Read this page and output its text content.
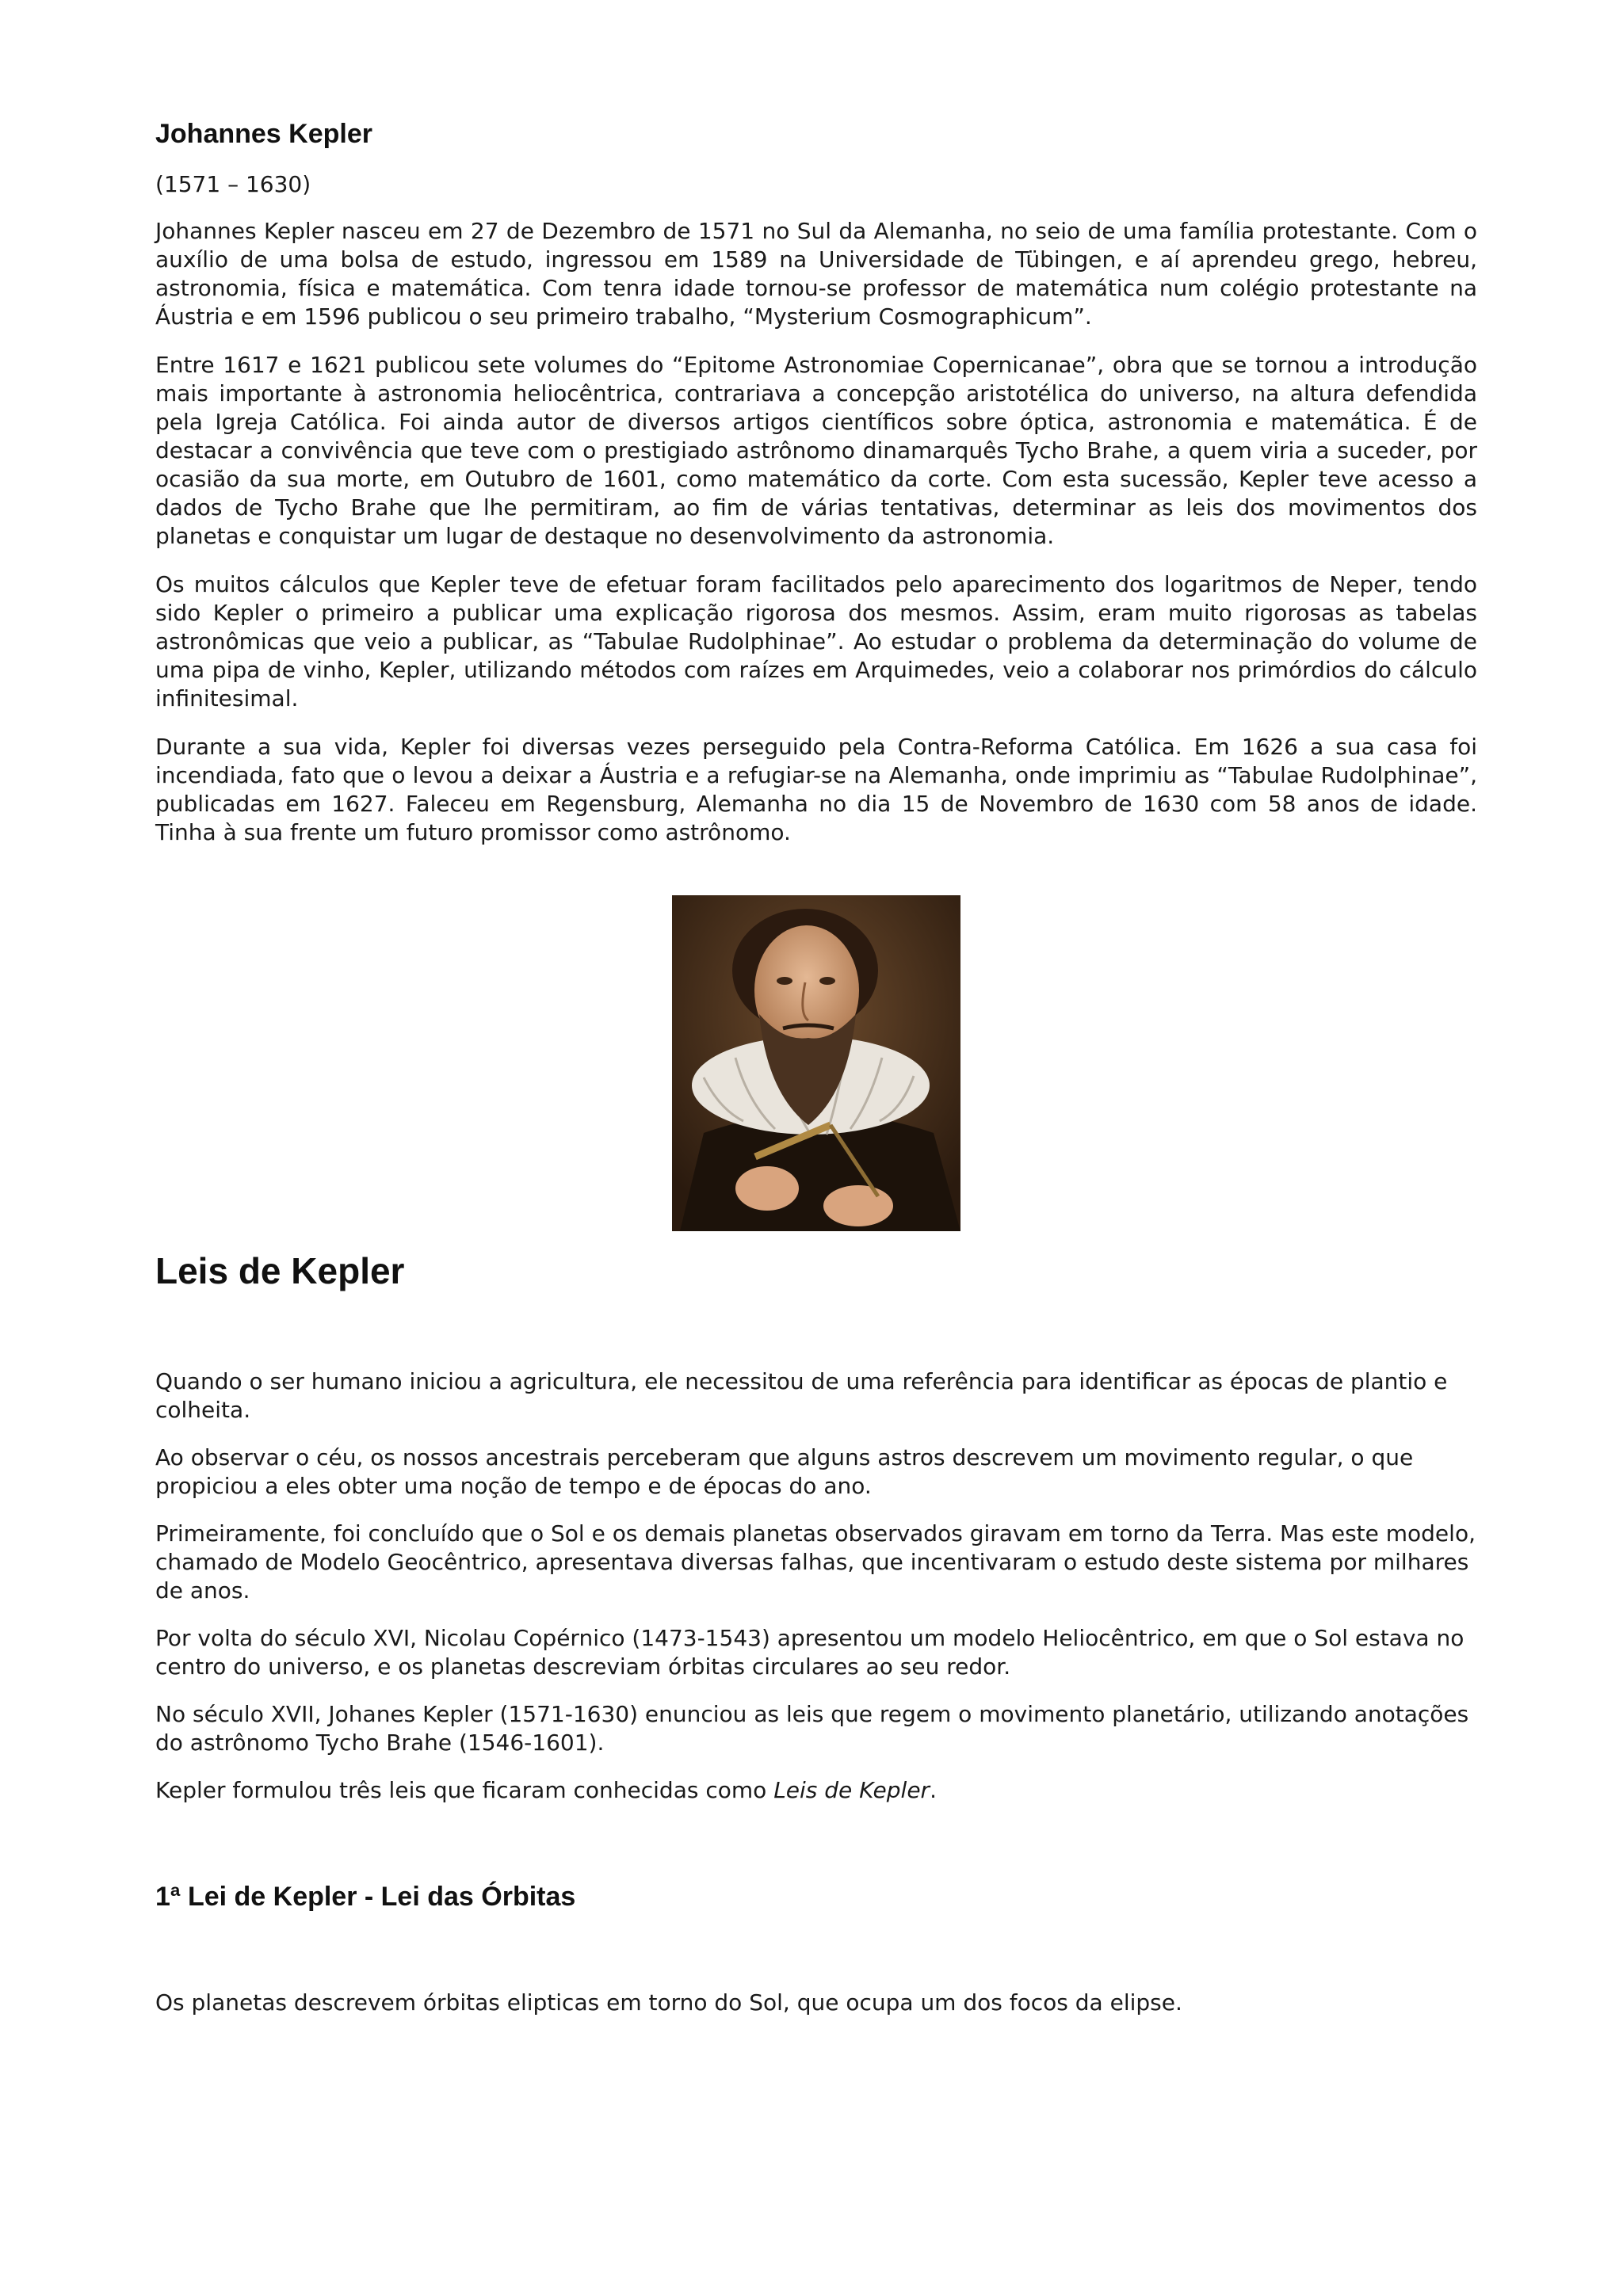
Johannes Kepler

(1571 – 1630)

Johannes Kepler nasceu em 27 de Dezembro de 1571 no Sul da Alemanha, no seio de uma família protestante. Com o auxílio de uma bolsa de estudo, ingressou em 1589 na Universidade de Tübingen, e aí aprendeu grego, hebreu, astronomia, física e matemática. Com tenra idade tornou-se professor de matemática num colégio protestante na Áustria e em 1596 publicou o seu primeiro trabalho, “Mysterium Cosmographicum”.

Entre 1617 e 1621 publicou sete volumes do “Epitome Astronomiae Copernicanae”, obra que se tornou a introdução mais importante à astronomia heliocêntrica, contrariava a concepção aristotélica do universo, na altura defendida pela Igreja Católica. Foi ainda autor de diversos artigos científicos sobre óptica, astronomia e matemática. É de destacar a convivência que teve com o prestigiado astrônomo dinamarquês Tycho Brahe, a quem viria a suceder, por ocasião da sua morte, em Outubro de 1601, como matemático da corte. Com esta sucessão, Kepler teve acesso a dados de Tycho Brahe que lhe permitiram, ao fim de várias tentativas, determinar as leis dos movimentos dos planetas e conquistar um lugar de destaque no desenvolvimento da astronomia.

Os muitos cálculos que Kepler teve de efetuar foram facilitados pelo aparecimento dos logaritmos de Neper, tendo sido Kepler o primeiro a publicar uma explicação rigorosa dos mesmos. Assim, eram muito rigorosas as tabelas astronômicas que veio a publicar, as “Tabulae Rudolphinae”. Ao estudar o problema da determinação do volume de uma pipa de vinho, Kepler, utilizando métodos com raízes em Arquimedes, veio a colaborar nos primórdios do cálculo infinitesimal.

Durante a sua vida, Kepler foi diversas vezes perseguido pela Contra-Reforma Católica. Em 1626 a sua casa foi incendiada, fato que o levou a deixar a Áustria e a refugiar-se na Alemanha, onde imprimiu as “Tabulae Rudolphinae”, publicadas em 1627. Faleceu em Regensburg, Alemanha no dia 15 de Novembro de 1630 com 58 anos de idade. Tinha à sua frente um futuro promissor como astrônomo.

Leis de Kepler

Quando o ser humano iniciou a agricultura, ele necessitou de uma referência para identificar as épocas de plantio e colheita.

Ao observar o céu, os nossos ancestrais perceberam que alguns astros descrevem um movimento regular, o que propiciou a eles obter uma noção de tempo e de épocas do ano.

Primeiramente, foi concluído que o Sol e os demais planetas observados giravam em torno da Terra. Mas este modelo, chamado de Modelo Geocêntrico, apresentava diversas falhas, que incentivaram o estudo deste sistema por milhares de anos.

Por volta do século XVI, Nicolau Copérnico (1473-1543) apresentou um modelo Heliocêntrico, em que o Sol estava no centro do universo, e os planetas descreviam órbitas circulares ao seu redor.

No século XVII, Johanes Kepler (1571-1630) enunciou as leis que regem o movimento planetário, utilizando anotações do astrônomo Tycho Brahe (1546-1601).

Kepler formulou três leis que ficaram conhecidas como Leis de Kepler.

1ª Lei de Kepler - Lei das Órbitas

Os planetas descrevem órbitas elipticas em torno do Sol, que ocupa um dos focos da elipse.
